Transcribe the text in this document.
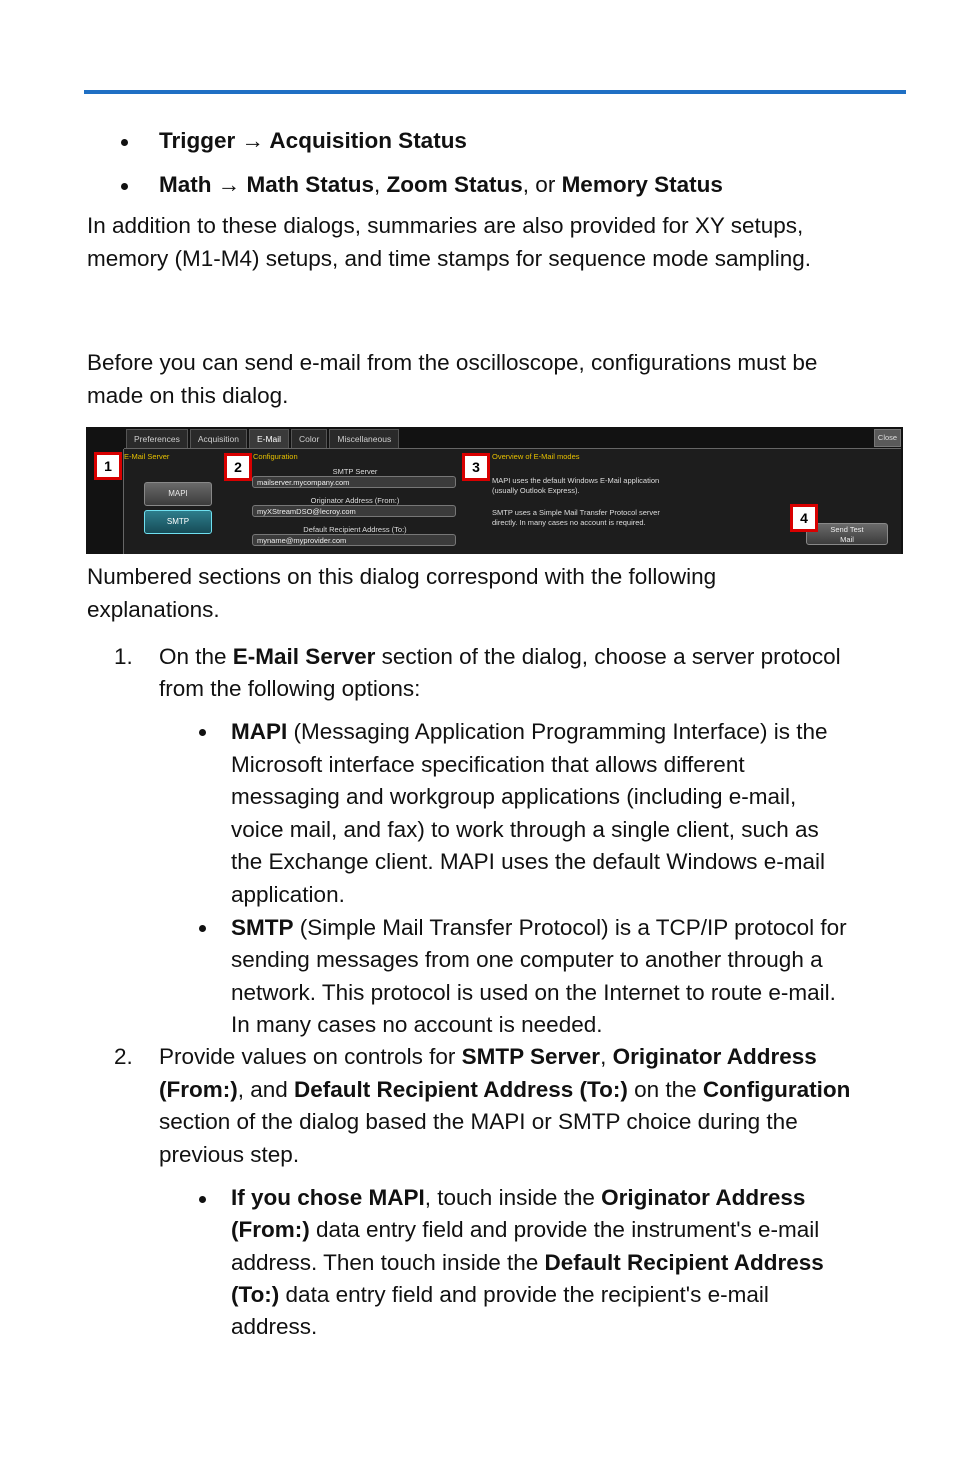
Trigger → Acquisition Status

Math → Math Status, Zoom Status, or Memory Status

In addition to these dialogs, summaries are also provided for XY setups,

memory (M1-M4) setups, and time stamps for sequence mode sampling.

Before you can send e-mail from the oscilloscope, configurations must be

made on this dialog.

Preferences	Acquisition	E-Mail	Color	Miscellaneous	Close
E-Mail Server	Configuration	Overview of E-Mail modes
MAPI
SMTP
SMTP Server
mailserver.mycompany.com
Originator Address (From:)
myXStreamDSO@lecroy.com
Default Recipient Address (To:)
myname@myprovider.com
MAPI uses the default Windows E-Mail application
(usually Outlook Express).
SMTP uses a Simple Mail Transfer Protocol server
directly. In many cases no account is required.
Send Test
Mail
1	2	3
4

Numbered sections on this dialog correspond with the following

explanations.

1. On the E-Mail Server section of the dialog, choose a server protocol

from the following options:

MAPI (Messaging Application Programming Interface) is the

Microsoft interface specification that allows different

messaging and workgroup applications (including e-mail,

voice mail, and fax) to work through a single client, such as

the Exchange client. MAPI uses the default Windows e-mail

application.

SMTP (Simple Mail Transfer Protocol) is a TCP/IP protocol for

sending messages from one computer to another through a

network. This protocol is used on the Internet to route e-mail.

In many cases no account is needed.

2. Provide values on controls for SMTP Server, Originator Address

(From:), and Default Recipient Address (To:) on the Configuration

section of the dialog based the MAPI or SMTP choice during the

previous step.

If you chose MAPI, touch inside the Originator Address

(From:) data entry field and provide the instrument's e-mail

address. Then touch inside the Default Recipient Address

(To:) data entry field and provide the recipient's e-mail

address.
